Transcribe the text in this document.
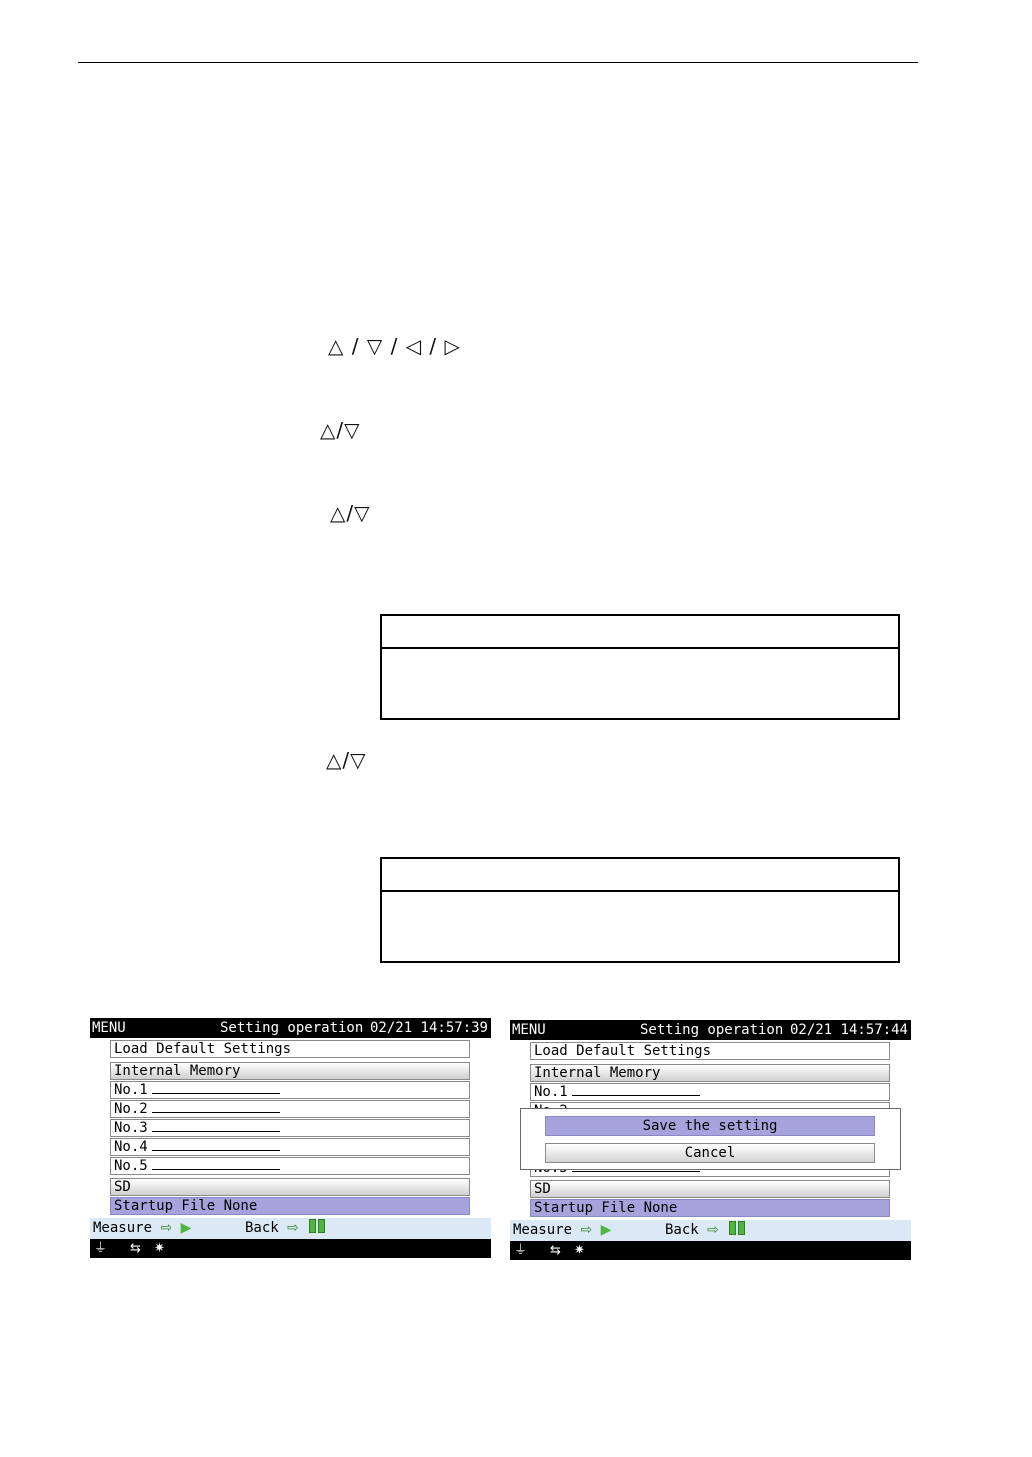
△ / ▽ / ◁ / ▷
△/▽
△/▽
△/▽
MENU	Setting operation 02/21 14:57:39
Load Default Settings
Internal Memory
No.1
No.2
No.3
No.4
No.5
SD
Startup File None
Measure ⇨ ▶	Back ⇨
⏚ ⇆ ✷
MENU	Setting operation 02/21 14:57:44
Load Default Settings
Internal Memory
No.1
SD
Startup File None
Save the setting
Cancel
Measure ⇨ ▶	Back ⇨
⏚ ⇆ ✷
